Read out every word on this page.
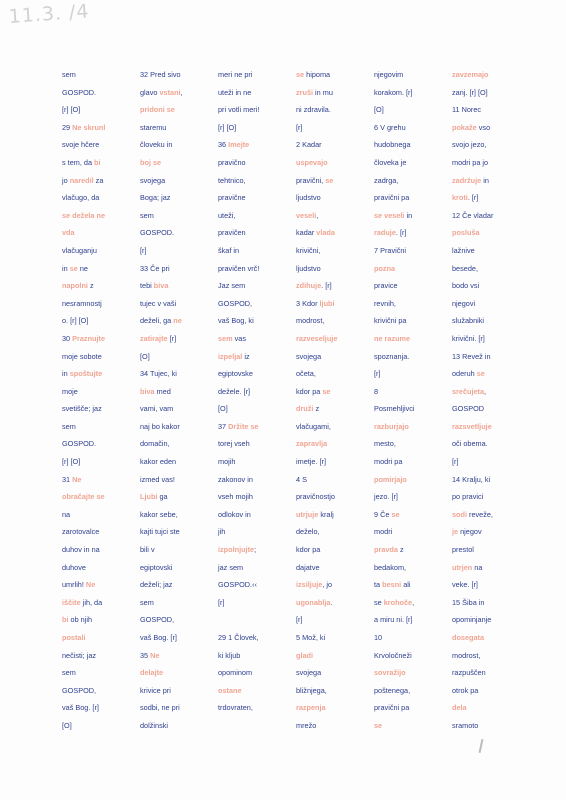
11.3. /4
sem
GOSPOD.
[r] [O]
29 Ne skrunl
svoje hčere
s tem, da bi
jo naredil za
vlačugo, da
se dežela ne
vda
vlačuganju
in se ne
napolni z
nesramnostj
o. [r] [O]
30 Praznujte
moje sobote
in spoštujte
moje
svetišče; jaz
sem
GOSPOD.
[r] [O]
31 Ne
obračajte se
na
zarotovalce
duhov in na
duhove
umrlih! Ne
iščite jih, da
bi ob njih
postali
nečisti; jaz
sem
GOSPOD,
vaš Bog. [r]
[O]
32 Pred sivo
glavo vstani,
pridoni se
staremu
človeku in
boj se
svojega
Boga; jaz
sem
GOSPOD.
[r]
33 Če pri
tebi biva
tujec v vaši
deželi, ga ne
zatirajte [r]
[O]
34 Tujec, ki
biva med
vami, vam
naj bo kakor
domačin,
kakor eden
izmed vas!
Ljubi ga
kakor sebe,
kajti tujci ste
bili v
egiptovski
deželi; jaz
sem
GOSPOD,
vaš Bog. [r]
35 Ne
delajte
krivice pri
sodbi, ne pri
dolžinski
meri ne pri
uteži in ne
pri votli meri!
[r] [O]
36 Imejte
pravično
tehtnico,
pravične
uteži,
pravičen
škaf in
pravičen vrč!
Jaz sem
GOSPOD,
vaš Bog, ki
sem vas
izpeljal iz
egiptovske
dežele. [r]
[O]
37 Držite se
torej vseh
mojih
zakonov in
vseh mojih
odlokov in
jih
izpolnjujte;
jaz sem
GOSPOD.‹‹
[r]
29 1 Človek,
ki kljub
opominom
ostane
trdovraten,
se hipoma
zruši in mu
ni zdravila.
[r]
2 Kadar
uspevajo
pravični, se
ljudstvo
veseli,
kadar vlada
krivični,
ljudstvo
zdihuje. [r]
3 Kdor ljubi
modrost,
razveseljuje
svojega
očeta,
kdor pa se
druži z
vlačugami,
zapravlja
imetje. [r]
4 S
pravičnostjo
utrjuje kralj
deželo,
kdor pa
dajatve
izsiljuje, jo
ugonablja.
[r]
5 Mož, ki
gladi
svojega
bližnjega,
razpenja
mrežo
njegovim
korakom. [r]
[O]
6 V grehu
hudobnega
človeka je
zadrga,
pravični pa
se veseli in
raduje. [r]
7 Pravični
pozna
pravice
revnih,
krivični pa
ne razume
spoznanja.
[r]
8
Posmehljivci
razburjajo
mesto,
modri pa
pomirjajo
jezo. [r]
9 Če se
modri
pravda z
bedakom,
ta besni ali
se krohoče,
a miru ni. [r]
10
Krvoločneži
sovražijo
poštenega,
pravični pa
se
zavzemajo
zanj. [r] [O]
11 Norec
pokaže vso
svojo jezo,
modri pa jo
zadržuje in
kroti. [r]
12 Če vladar
posluša
lažnive
besede,
bodo vsi
njegovi
služabniki
krivični. [r]
13 Revež in
oderuh se
srečujeta,
GOSPOD
razsvetljuje
oči obema.
[r]
14 Kralju, ki
po pravici
sodi reveže,
je njegov
prestol
utrjen na
veke. [r]
15 Šiba in
opominjanje
dosegata
modrost,
razpuščen
otrok pa
dela
sramoto
